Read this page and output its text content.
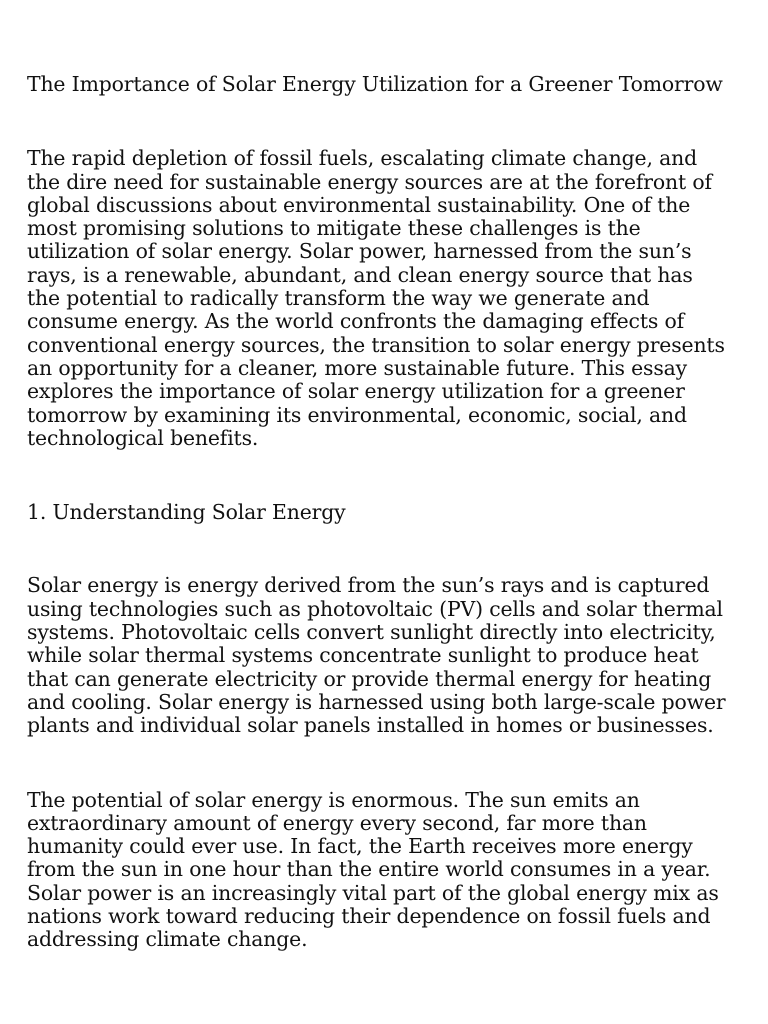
The Importance of Solar Energy Utilization for a Greener Tomorrow

The rapid depletion of fossil fuels, escalating climate change, and the dire need for sustainable energy sources are at the forefront of global discussions about environmental sustainability. One of the most promising solutions to mitigate these challenges is the utilization of solar energy. Solar power, harnessed from the sun’s rays, is a renewable, abundant, and clean energy source that has the potential to radically transform the way we generate and consume energy. As the world confronts the damaging effects of conventional energy sources, the transition to solar energy presents an opportunity for a cleaner, more sustainable future. This essay explores the importance of solar energy utilization for a greener tomorrow by examining its environmental, economic, social, and technological benefits.

1. Understanding Solar Energy

Solar energy is energy derived from the sun’s rays and is captured using technologies such as photovoltaic (PV) cells and solar thermal systems. Photovoltaic cells convert sunlight directly into electricity, while solar thermal systems concentrate sunlight to produce heat that can generate electricity or provide thermal energy for heating and cooling. Solar energy is harnessed using both large-scale power plants and individual solar panels installed in homes or businesses.

The potential of solar energy is enormous. The sun emits an extraordinary amount of energy every second, far more than humanity could ever use. In fact, the Earth receives more energy from the sun in one hour than the entire world consumes in a year. Solar power is an increasingly vital part of the global energy mix as nations work toward reducing their dependence on fossil fuels and addressing climate change.
